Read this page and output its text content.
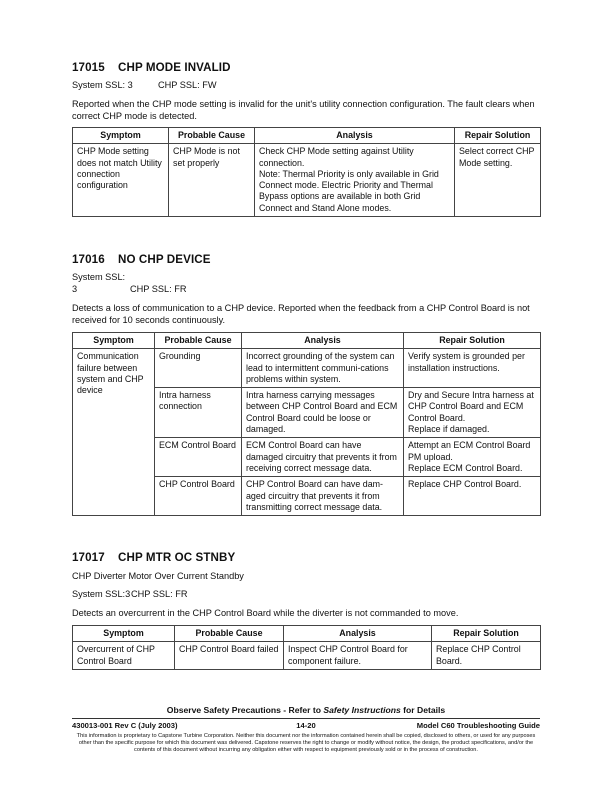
17015 CHP MODE INVALID

System SSL: 3	CHP SSL: FW

Reported when the CHP mode setting is invalid for the unit's utility connection configuration. The fault clears when correct CHP mode is detected.

Symptom	Probable Cause	Analysis	Repair Solution
CHP Mode setting does not match Utility connection configuration	CHP Mode is not set properly	Check CHP Mode setting against Utility connection.
Note: Thermal Priority is only available in Grid Connect mode. Electric Priority and Thermal Bypass options are available in both Grid Connect and Stand Alone modes.	Select correct CHP Mode setting.

17016 NO CHP DEVICE

System SSL: 3	CHP SSL: FR

Detects a loss of communication to a CHP device. Reported when the feedback from a CHP Control Board is not received for 10 seconds continuously.

Symptom	Probable Cause	Analysis	Repair Solution
Communication failure between system and CHP device	Grounding	Incorrect grounding of the system can lead to intermittent communi-cations problems within system.	Verify system is grounded per installation instructions.
	Intra harness connection	Intra harness carrying messages between CHP Control Board and ECM Control Board could be loose or damaged.	Dry and Secure Intra harness at CHP Control Board and ECM Control Board.
Replace if damaged.
	ECM Control Board	ECM Control Board can have damaged circuitry that prevents it from receiving correct message data.	Attempt an ECM Control Board PM upload.
Replace ECM Control Board.
	CHP Control Board	CHP Control Board can have dam-aged circuitry that prevents it from transmitting correct message data.	Replace CHP Control Board.

17017 CHP MTR OC STNBY

CHP Diverter Motor Over Current Standby

System SSL:3CHP SSL: FR

Detects an overcurrent in the CHP Control Board while the diverter is not commanded to move.

Symptom	Probable Cause	Analysis	Repair Solution
Overcurrent of CHP Control Board	CHP Control Board failed	Inspect CHP Control Board for component failure.	Replace CHP Control Board.
Observe Safety Precautions - Refer to Safety Instructions for Details
14-20
430013-001 Rev C (July 2003)	Model C60 Troubleshooting Guide
This information is proprietary to Capstone Turbine Corporation. Neither this document nor the information contained herein shall be copied, disclosed to others, or used for any purposes other than the specific purpose for which this document was delivered. Capstone reserves the right to change or modify without notice, the design, the product specifications, and/or the contents of this document without incurring any obligation either with respect to equipment previously sold or in the process of construction.
